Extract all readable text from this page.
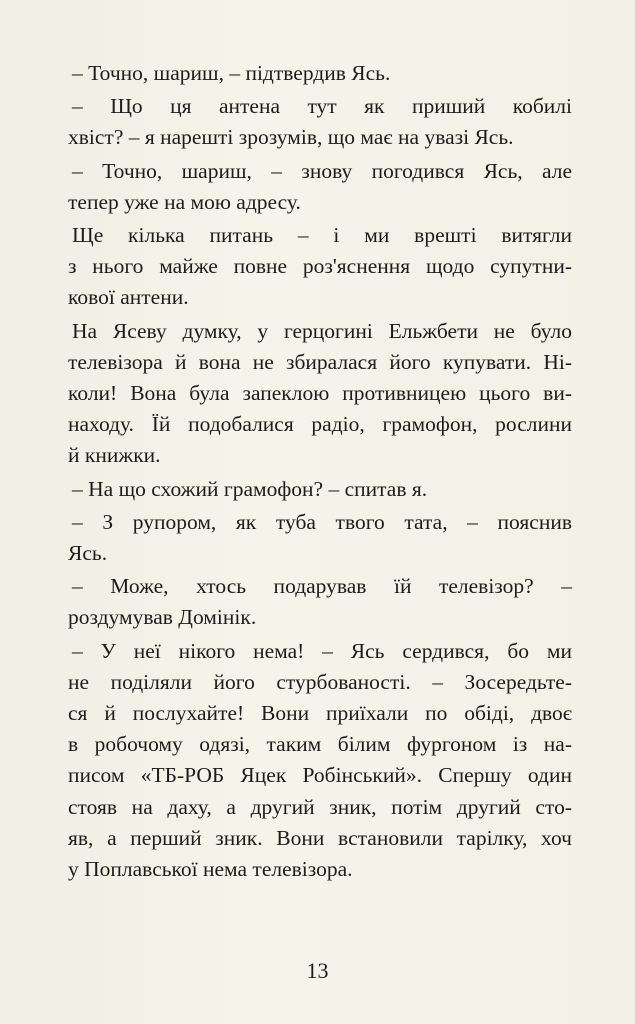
– Точно, шариш, – підтвердив Ясь.
– Що ця антена тут як приший кобилі
хвіст? – я нарешті зрозумів, що має на увазі Ясь.
– Точно, шариш, – знову погодився Ясь, але
тепер уже на мою адресу.
Ще кілька питань – і ми врешті витягли
з нього майже повне роз'яснення щодо супутни-
кової антени.
На Ясеву думку, у герцогині Ельжбети не було
телевізора й вона не збиралася його купувати. Ні-
коли! Вона була запеклою противницею цього ви-
находу. Їй подобалися радіо, грамофон, рослини
й книжки.
– На що схожий грамофон? – спитав я.
– З рупором, як туба твого тата, – пояснив
Ясь.
– Може, хтось подарував їй телевізор? –
роздумував Домінік.
– У неї нікого нема! – Ясь сердився, бо ми
не поділяли його стурбованості. – Зосередьте-
ся й послухайте! Вони приїхали по обіді, двоє
в робочому одязі, таким білим фургоном із на-
писом «ТБ-РОБ Яцек Робінський». Спершу один
стояв на даху, а другий зник, потім другий сто-
яв, а перший зник. Вони встановили тарілку, хоч
у Поплавської нема телевізора.
13
